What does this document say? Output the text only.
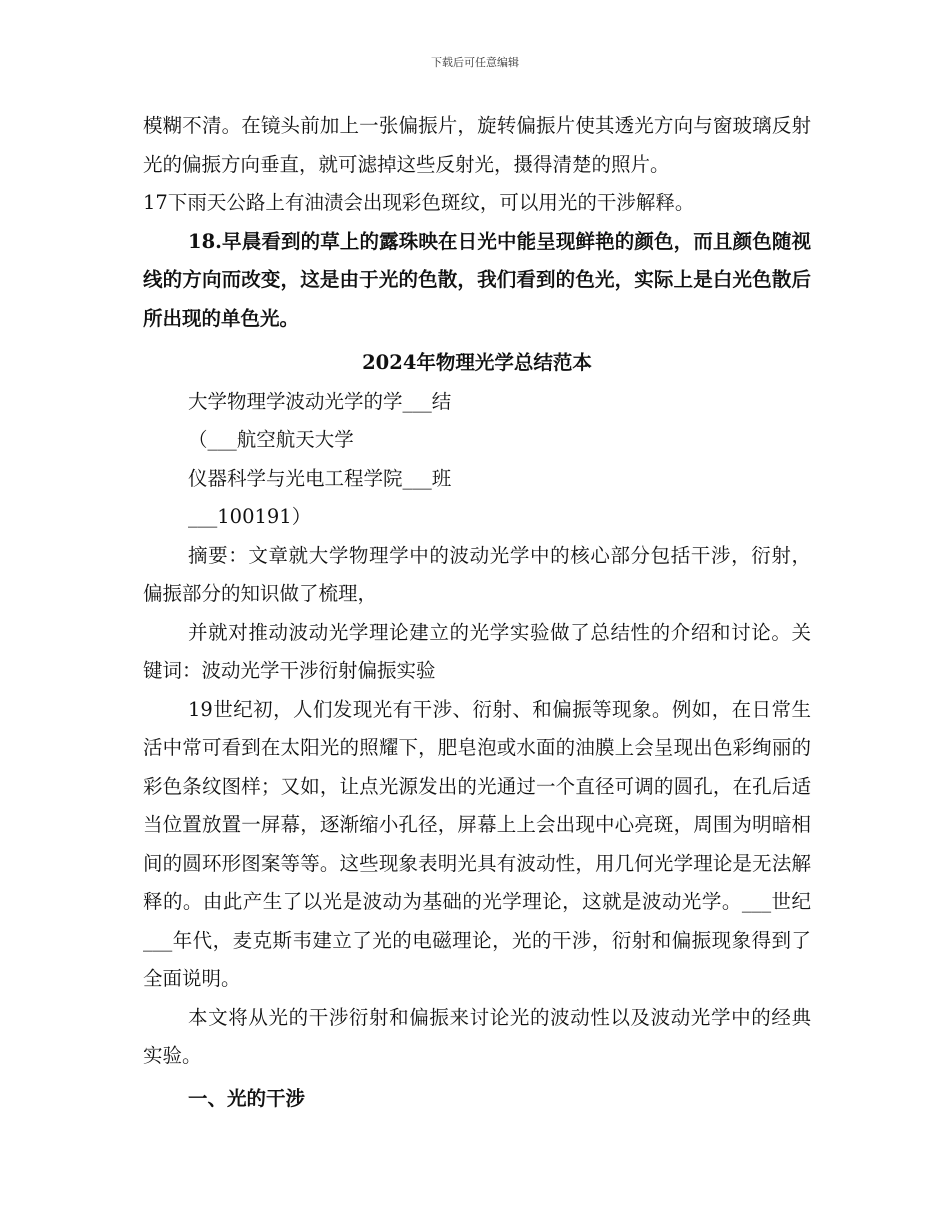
下载后可任意编辑

模糊不清。在镜头前加上一张偏振片，旋转偏振片使其透光方向与窗玻璃反射光的偏振方向垂直，就可滤掉这些反射光，摄得清楚的照片。

17下雨天公路上有油渍会出现彩色斑纹，可以用光的干涉解释。

18.早晨看到的草上的露珠映在日光中能呈现鲜艳的颜色，而且颜色随视线的方向而改变，这是由于光的色散，我们看到的色光，实际上是白光色散后所出现的单色光。

2024年物理光学总结范本

大学物理学波动光学的学___结

（___航空航天大学

仪器科学与光电工程学院___班

___100191）

摘要：文章就大学物理学中的波动光学中的核心部分包括干涉，衍射，偏振部分的知识做了梳理，

并就对推动波动光学理论建立的光学实验做了总结性的介绍和讨论。关键词：波动光学干涉衍射偏振实验

19世纪初，人们发现光有干涉、衍射、和偏振等现象。例如，在日常生活中常可看到在太阳光的照耀下，肥皂泡或水面的油膜上会呈现出色彩绚丽的彩色条纹图样；又如，让点光源发出的光通过一个直径可调的圆孔，在孔后适当位置放置一屏幕，逐渐缩小孔径，屏幕上上会出现中心亮斑，周围为明暗相间的圆环形图案等等。这些现象表明光具有波动性，用几何光学理论是无法解释的。由此产生了以光是波动为基础的光学理论，这就是波动光学。___世纪___年代，麦克斯韦建立了光的电磁理论，光的干涉，衍射和偏振现象得到了全面说明。

本文将从光的干涉衍射和偏振来讨论光的波动性以及波动光学中的经典实验。

一、光的干涉
